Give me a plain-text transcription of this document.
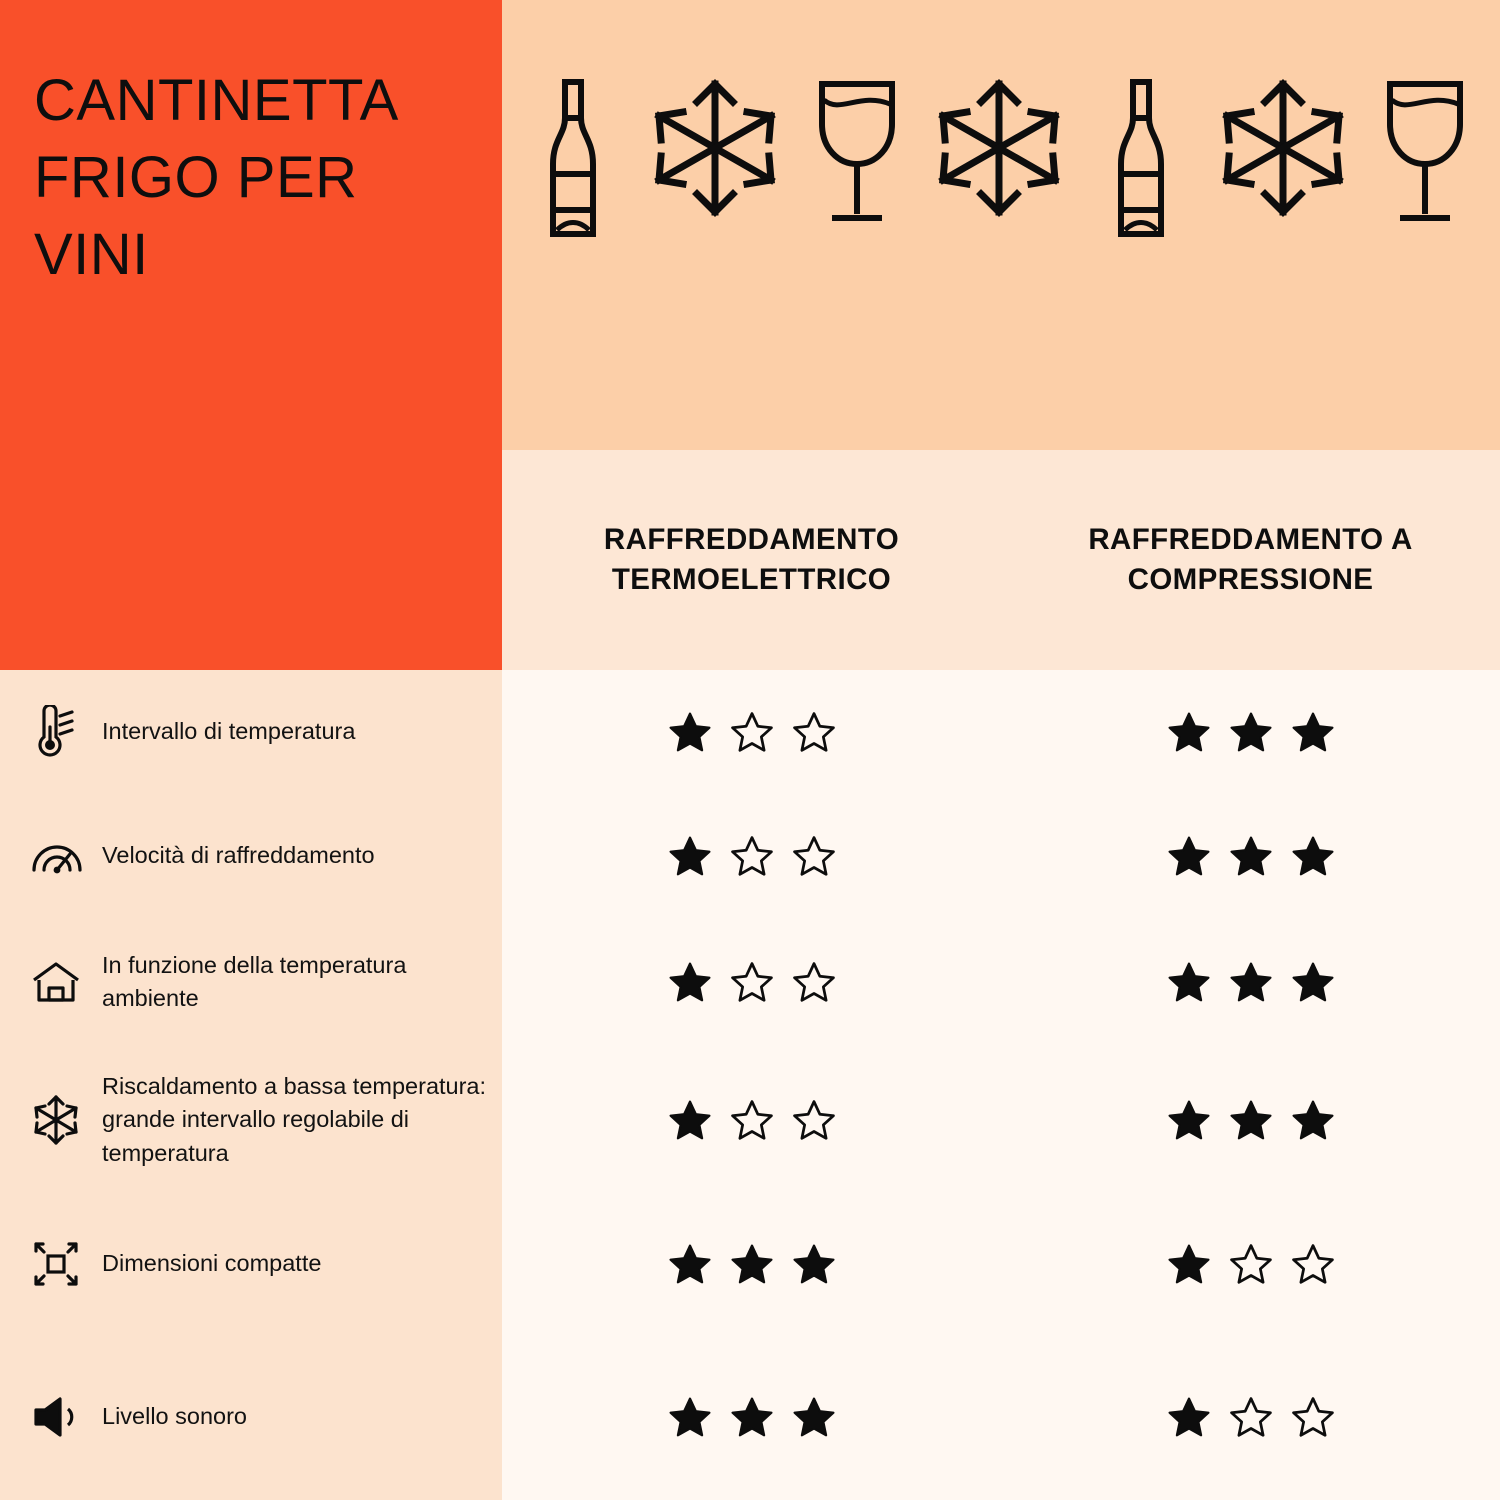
CANTINETTA FRIGO PER VINI
RAFFREDDAMENTO TERMOELETTRICO
RAFFREDDAMENTO A COMPRESSIONE
Intervallo di temperatura
Velocità di raffreddamento
In funzione della temperatura ambiente
Riscaldamento a bassa temperatura: grande intervallo regolabile di temperatura
Dimensioni compatte
Livello sonoro
